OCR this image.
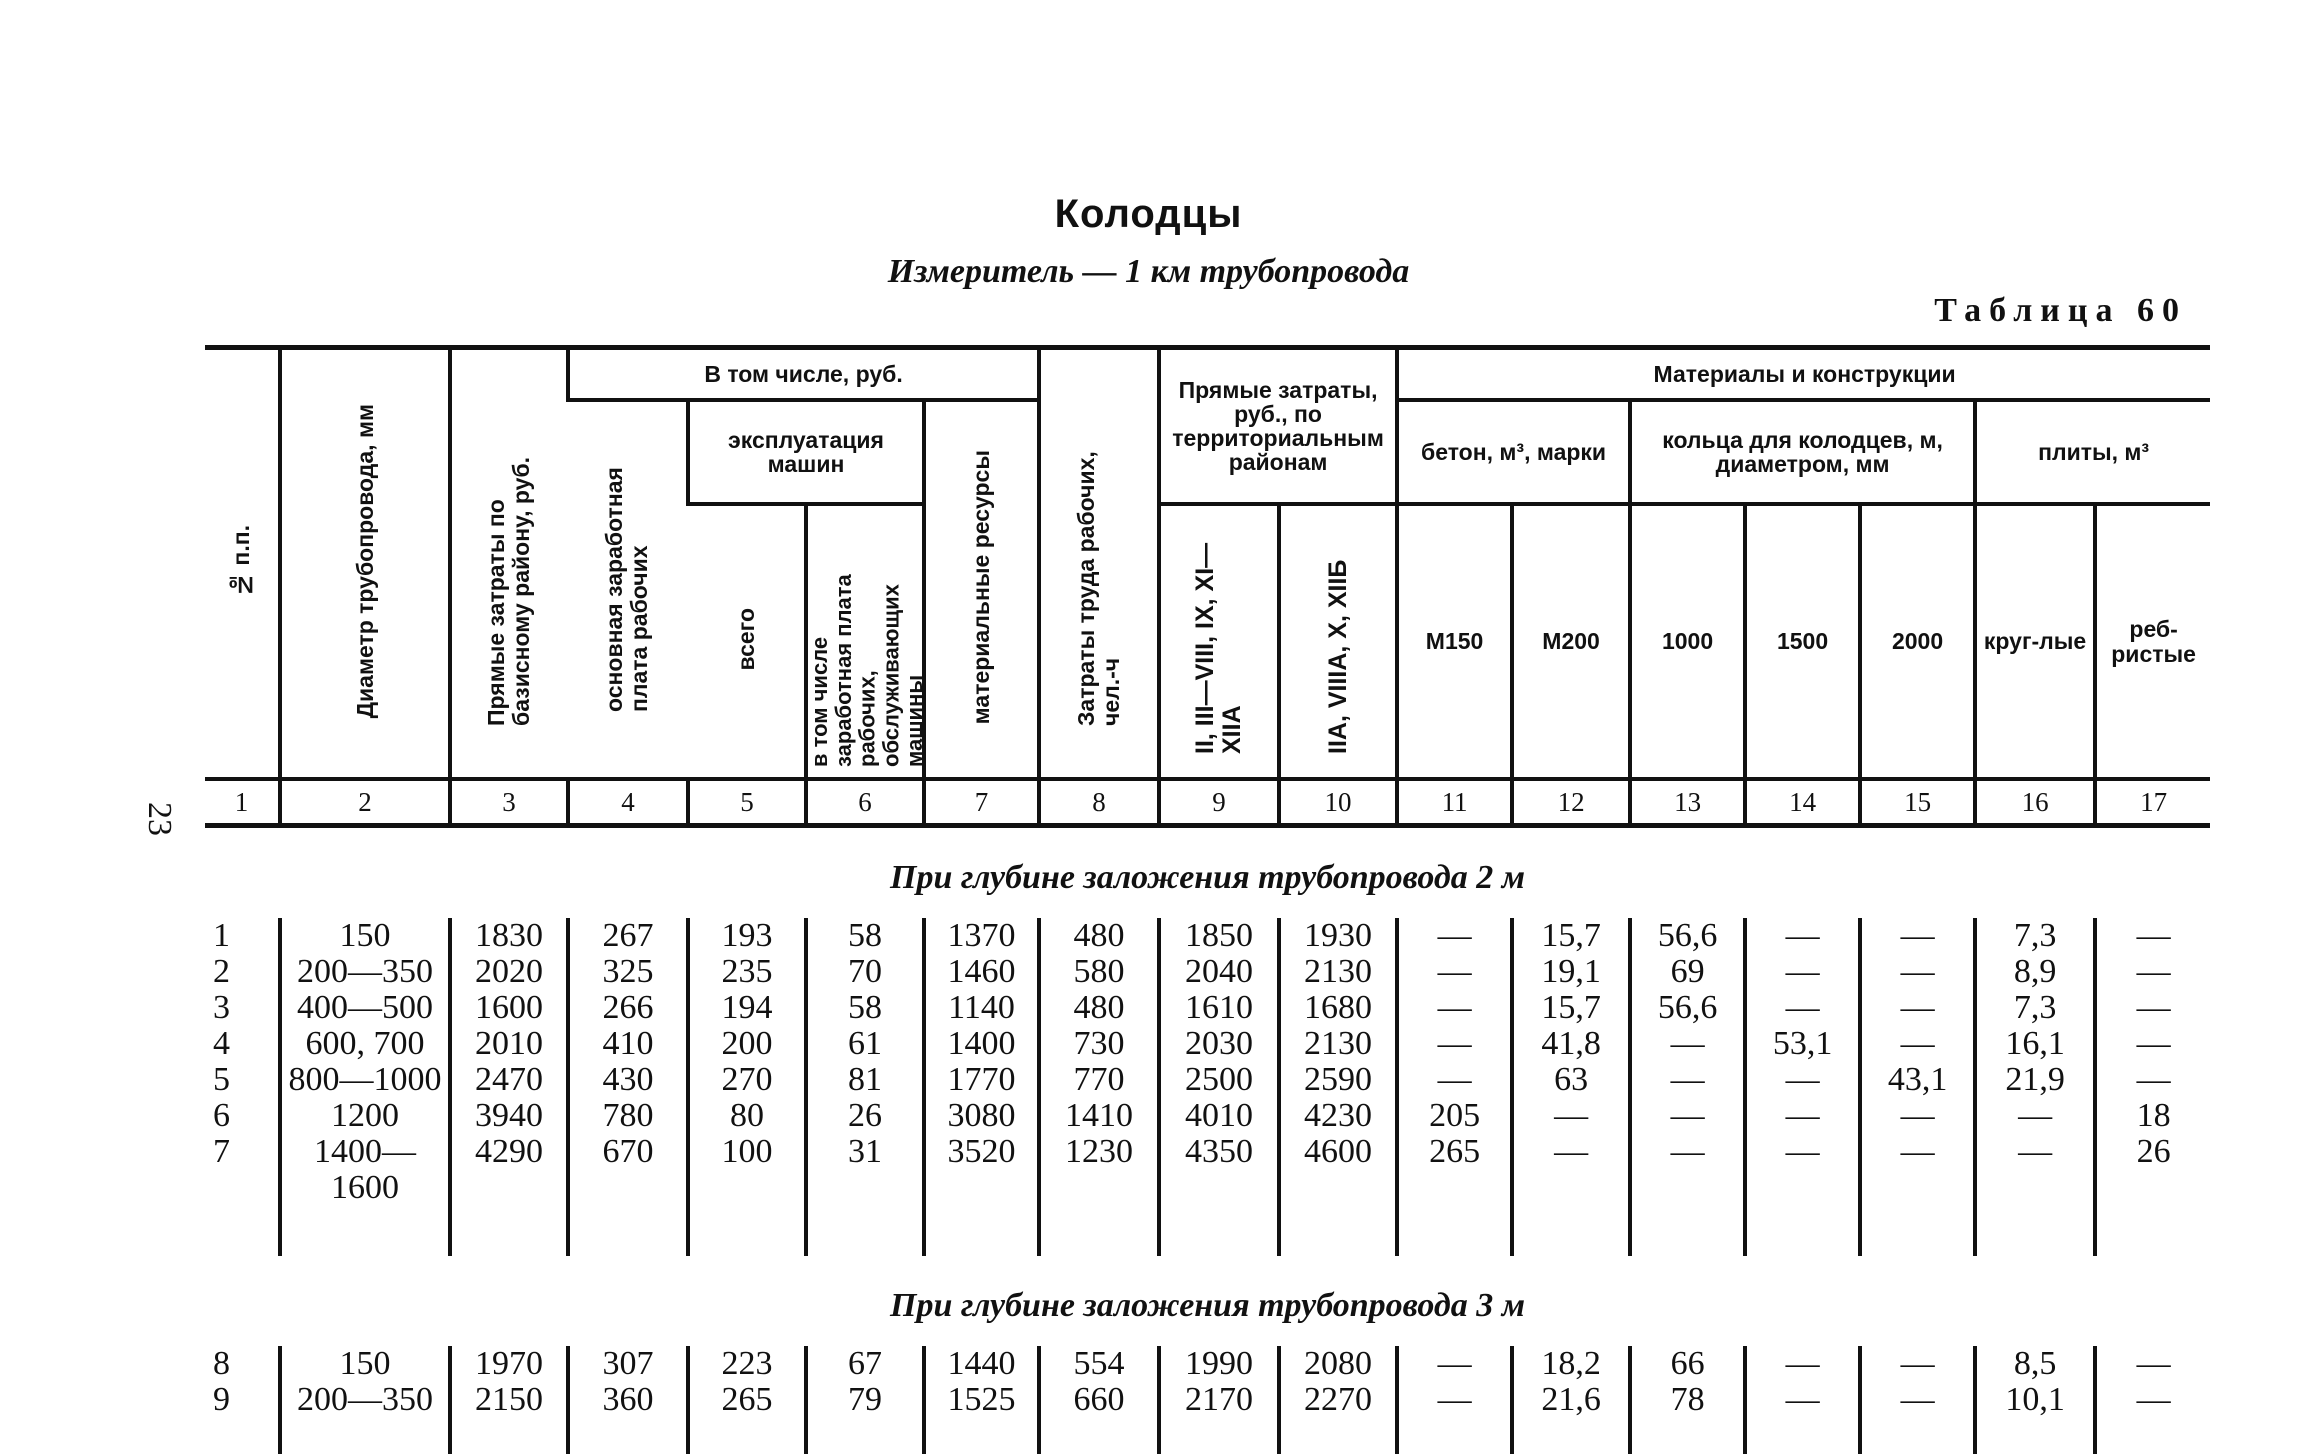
23
Колодцы
Измеритель — 1 км трубопровода
Таблица 60
№ п.п.	Диаметр трубопровода, мм	Прямые затраты по базисному району, руб.	В том числе, руб.				Затраты труда рабочих, чел.-ч	Прямые затраты, руб., по территориальным районам		Материалы и конструкции						
			основная заработная плата рабочих	эксплуатация машин		материальные ресурсы				бетон, м³, марки		кольца для колодцев, м, диаметром, мм			плиты, м³	
				всего	в том числе заработная плата рабочих, обслуживающих машины			II, III—VIII, IX, XI—XIIA	IIA, VIIIA, X, XIIБ	М150	М200	1000	1500	2000	круг-лые	реб-ристые
1	2	3	4	5	6	7	8	9	10	11	12	13	14	15	16	17
При глубине заложения трубопровода 2 м																
1	150	1830	267	193	58	1370	480	1850	1930	—	15,7	56,6	—	—	7,3	—
2	200—350	2020	325	235	70	1460	580	2040	2130	—	19,1	69	—	—	8,9	—
3	400—500	1600	266	194	58	1140	480	1610	1680	—	15,7	56,6	—	—	7,3	—
4	600, 700	2010	410	200	61	1400	730	2030	2130	—	41,8	—	53,1	—	16,1	—
5	800—1000	2470	430	270	81	1770	770	2500	2590	—	63	—	—	43,1	21,9	—
6	1200	3940	780	80	26	3080	1410	4010	4230	205	—	—	—	—	—	18
7	1400—	4290	670	100	31	3520	1230	4350	4600	265	—	—	—	—	—	26
	1600															

При глубине заложения трубопровода 3 м																
8	150	1970	307	223	67	1440	554	1990	2080	—	18,2	66	—	—	8,5	—
9	200—350	2150	360	265	79	1525	660	2170	2270	—	21,6	78	—	—	10,1	—
